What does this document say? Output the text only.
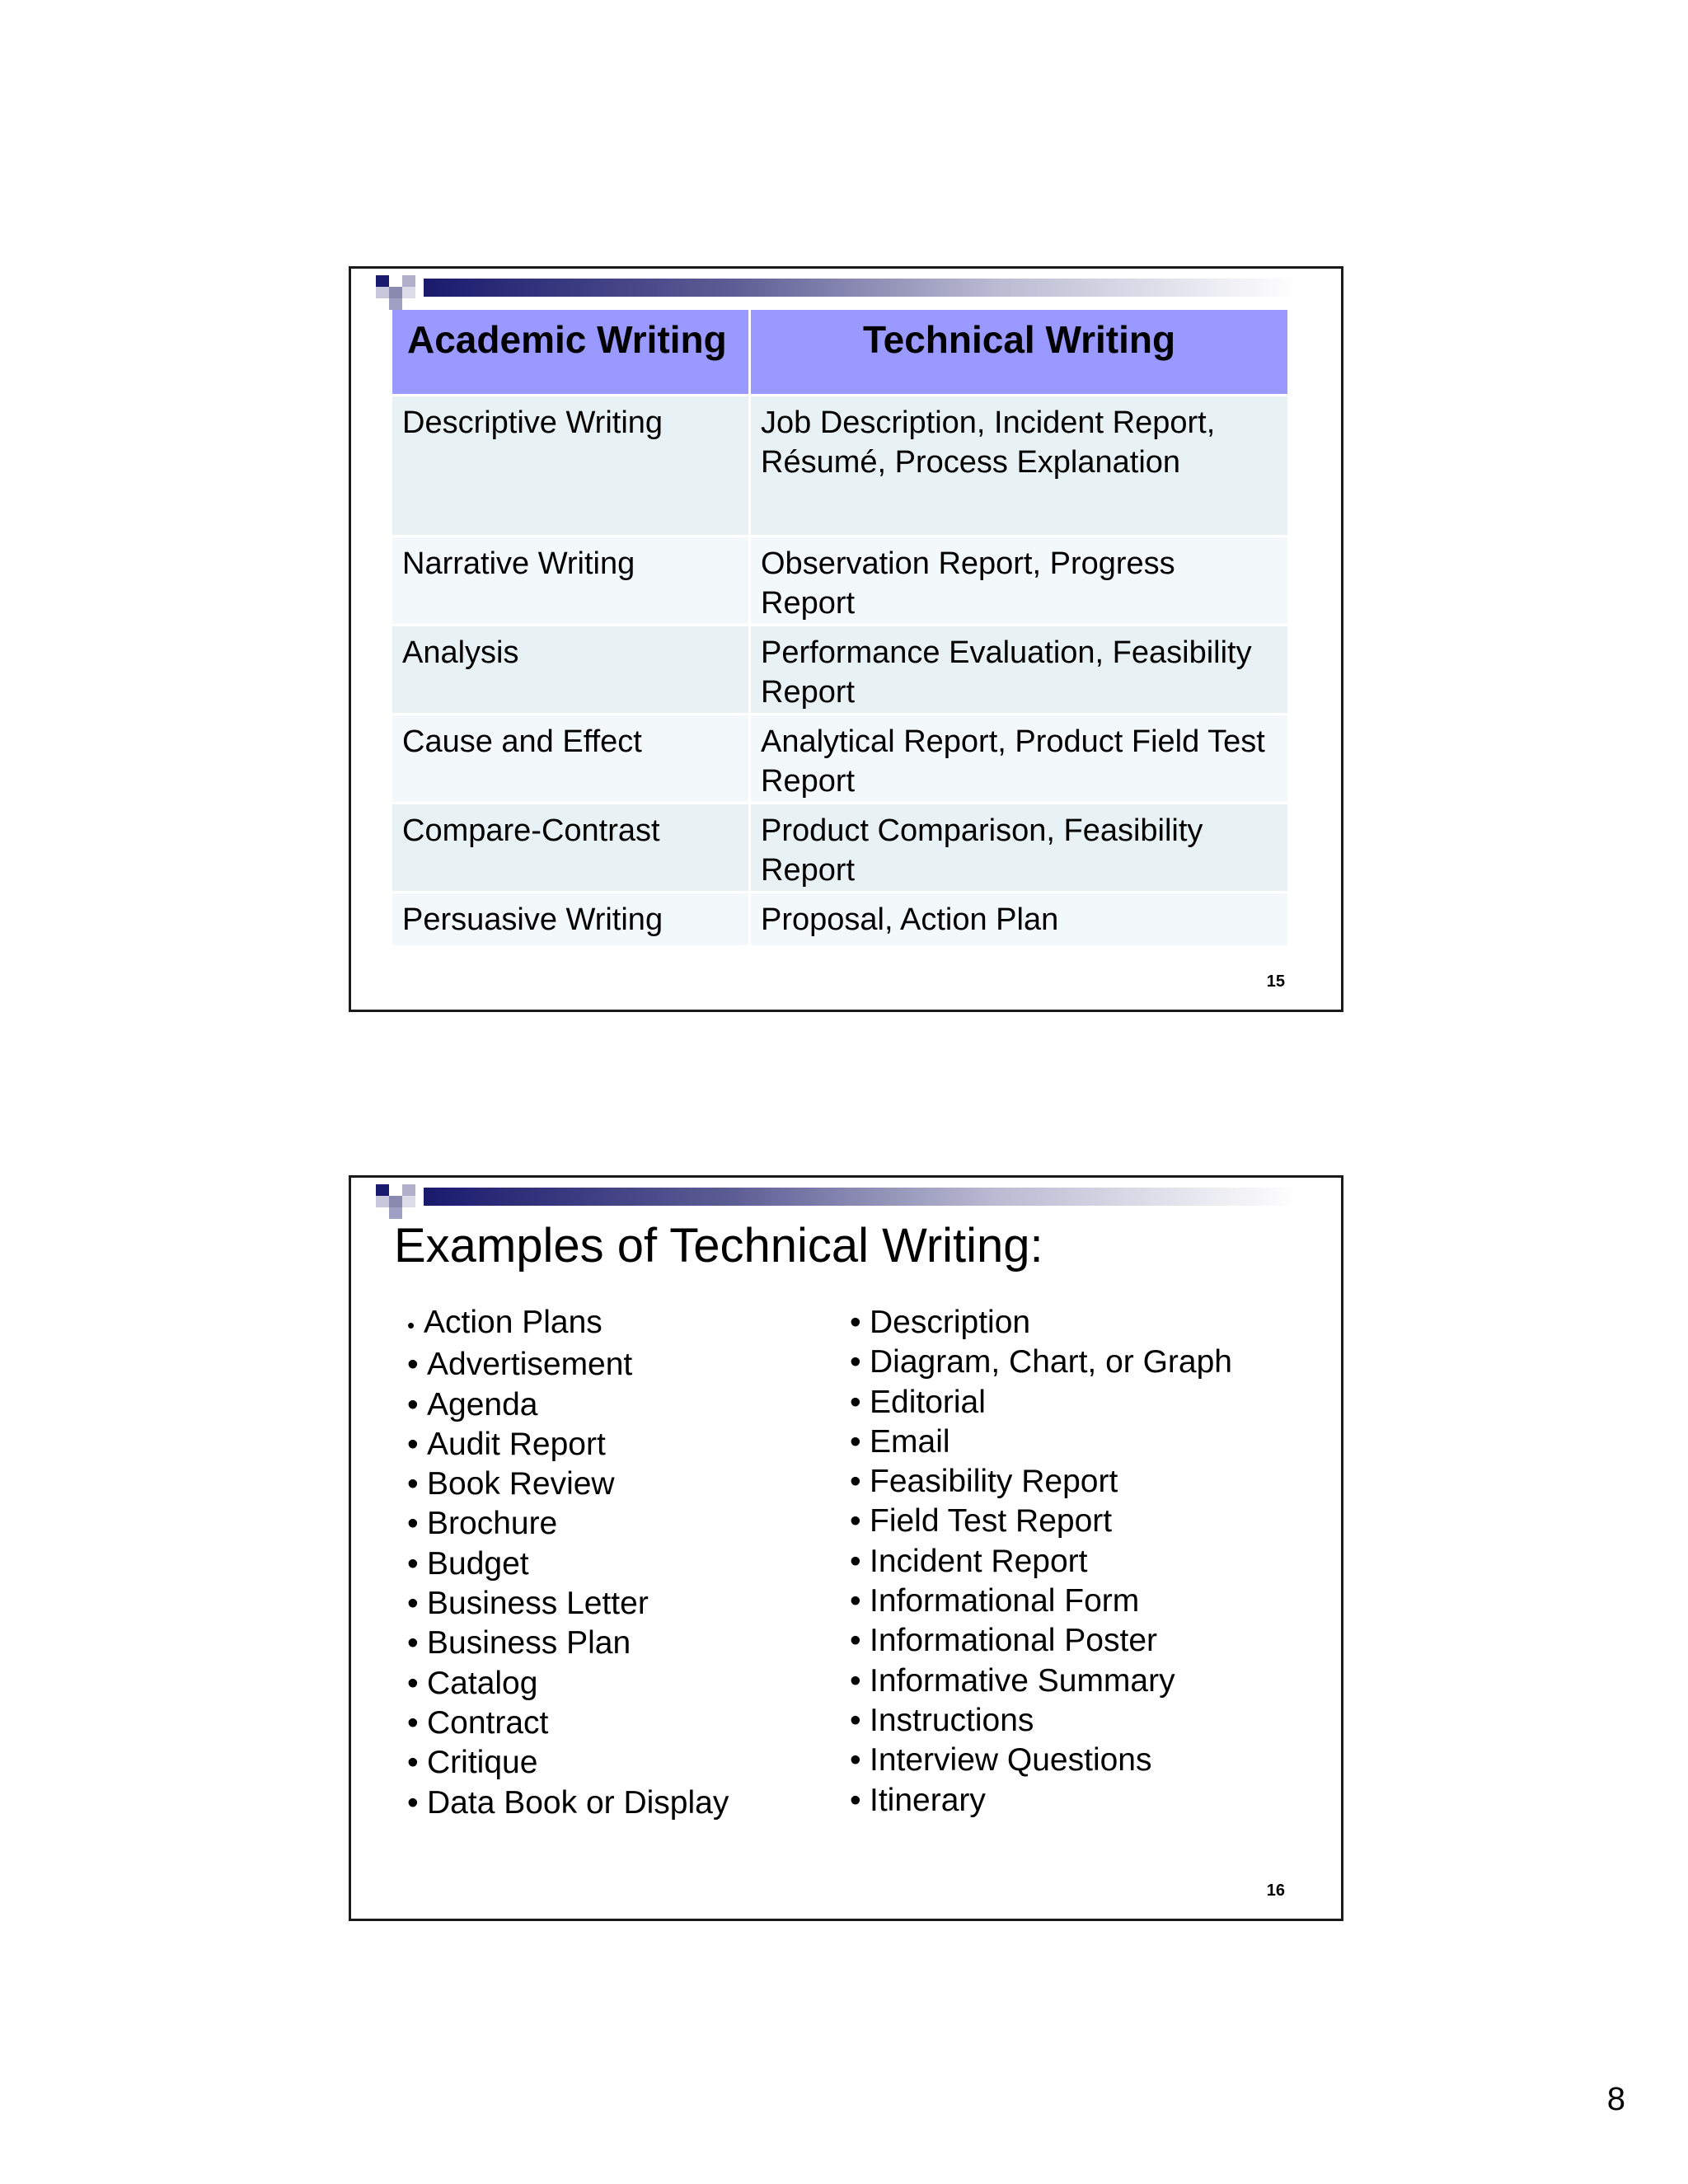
Academic Writing	Technical Writing
Descriptive Writing	Job Description, Incident Report, Résumé, Process Explanation
Narrative Writing	Observation Report, Progress Report
Analysis	Performance Evaluation, Feasibility Report
Cause and Effect	Analytical Report, Product Field Test Report
Compare-Contrast	Product Comparison, Feasibility Report
Persuasive Writing	Proposal, Action Plan
15
Examples of Technical Writing:
• Action Plans
• Advertisement
• Agenda
• Audit Report
• Book Review
• Brochure
• Budget
• Business Letter
• Business Plan
• Catalog
• Contract
• Critique
• Data Book or Display
• Description
• Diagram, Chart, or Graph
• Editorial
• Email
• Feasibility Report
• Field Test Report
• Incident Report
• Informational Form
• Informational Poster
• Informative Summary
• Instructions
• Interview Questions
• Itinerary
16
8
